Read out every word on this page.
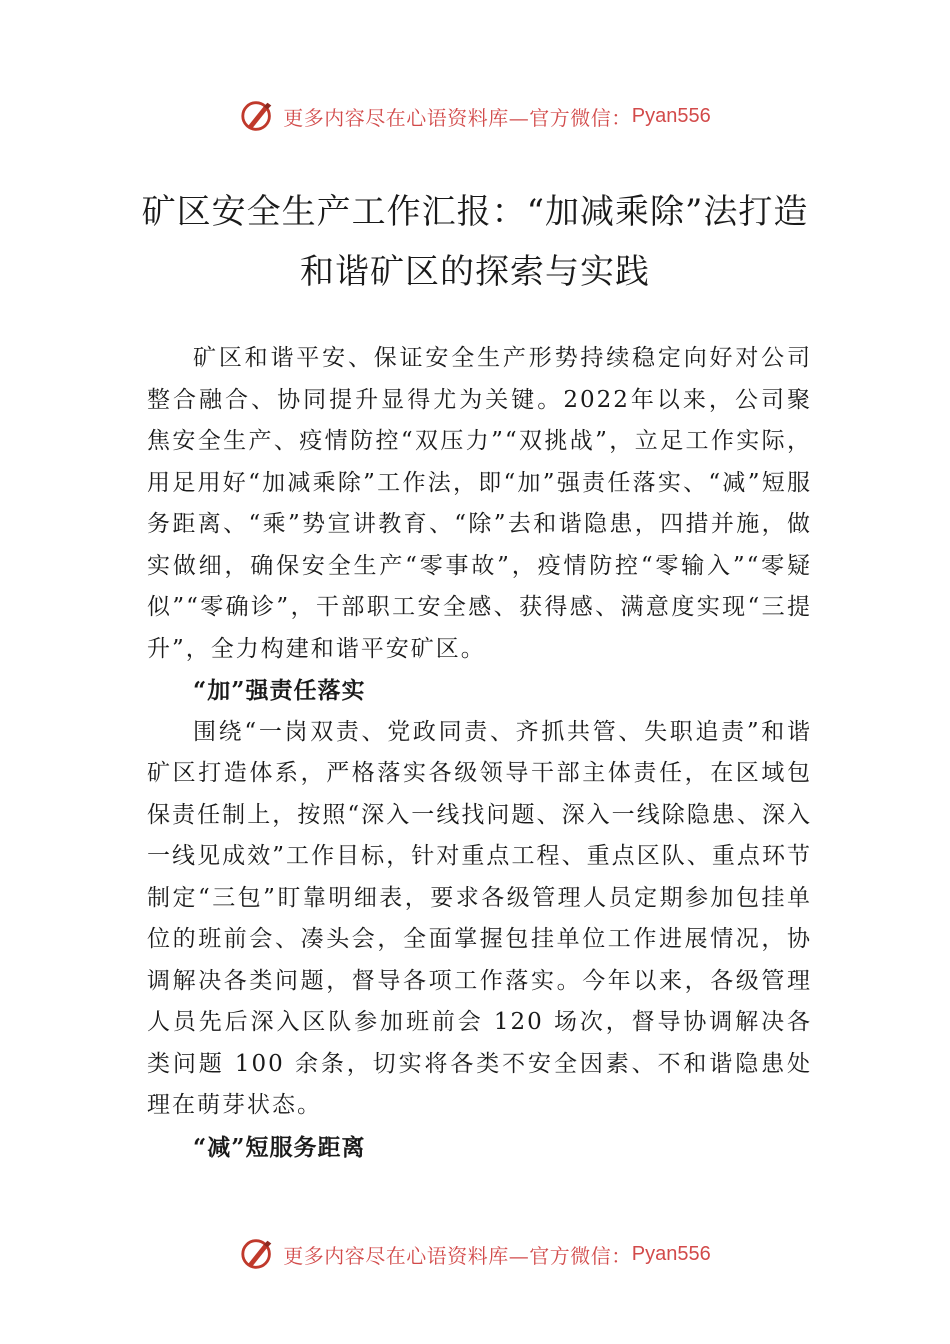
更多内容尽在心语资料库—官方微信： Pyan556
矿区安全生产工作汇报：“加减乘除”法打造和谐矿区的探索与实践

矿区和谐平安、保证安全生产形势持续稳定向好对公司整合融合、协同提升显得尤为关键。2022年以来，公司聚焦安全生产、疫情防控“双压力”“双挑战”，立足工作实际，用足用好“加减乘除”工作法，即“加”强责任落实、“减”短服务距离、“乘”势宣讲教育、“除”去和谐隐患，四措并施，做实做细，确保安全生产“零事故”，疫情防控“零输入”“零疑似”“零确诊”，干部职工安全感、获得感、满意度实现“三提升”，全力构建和谐平安矿区。

“加”强责任落实

围绕“一岗双责、党政同责、齐抓共管、失职追责”和谐矿区打造体系，严格落实各级领导干部主体责任，在区域包保责任制上，按照“深入一线找问题、深入一线除隐患、深入一线见成效”工作目标，针对重点工程、重点区队、重点环节 制定“三包”盯靠明细表，要求各级管理人员定期参加包挂单位的班前会、凑头会，全面掌握包挂单位工作进展情况，协调解决各类问题，督导各项工作落实。今年以来，各级管理人员先后深入区队参加班前会 120 场次，督导协调解决各类问题 100 余条，切实将各类不安全因素、不和谐隐患处理在萌芽状态。

“减”短服务距离

更多内容尽在心语资料库—官方微信： Pyan556
